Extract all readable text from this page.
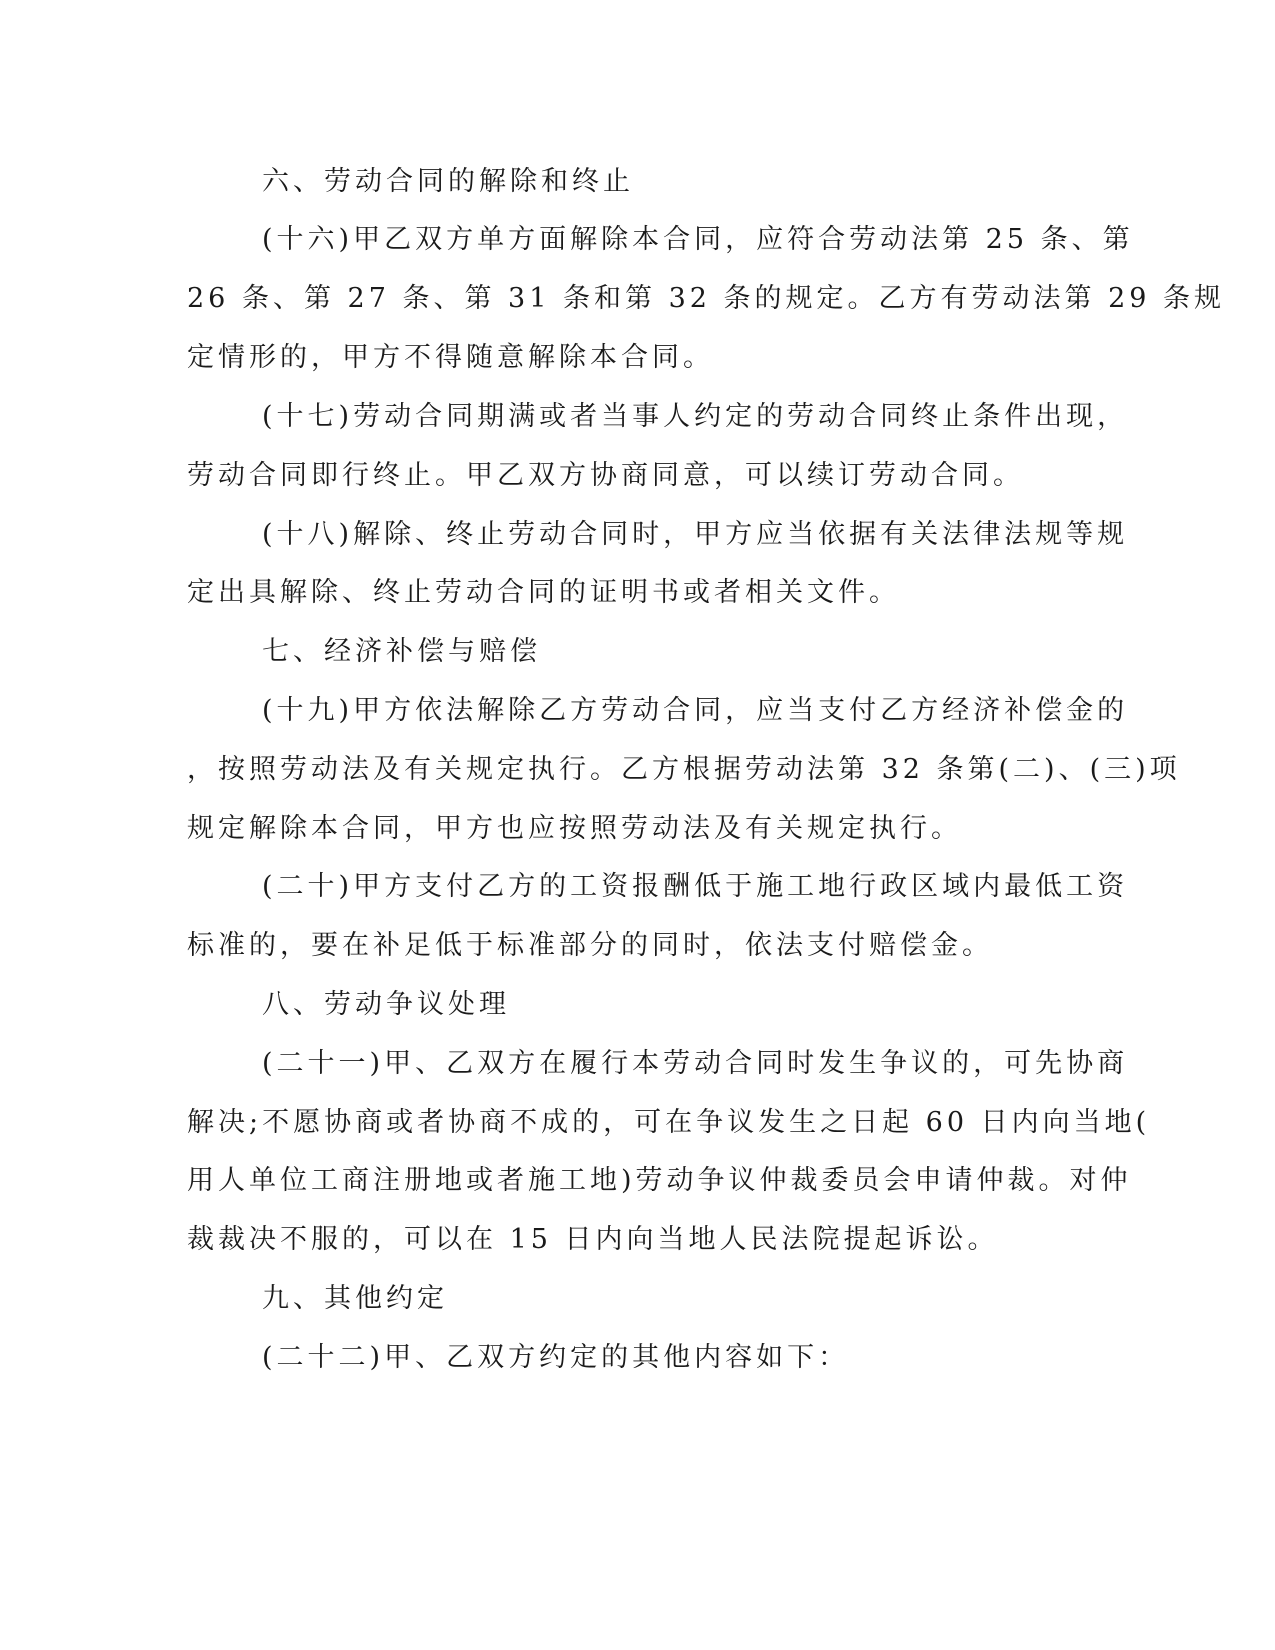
六、劳动合同的解除和终止
(十六)甲乙双方单方面解除本合同，应符合劳动法第 25 条、第
26 条、第 27 条、第 31 条和第 32 条的规定。乙方有劳动法第 29 条规
定情形的，甲方不得随意解除本合同。
(十七)劳动合同期满或者当事人约定的劳动合同终止条件出现，
劳动合同即行终止。甲乙双方协商同意，可以续订劳动合同。
(十八)解除、终止劳动合同时，甲方应当依据有关法律法规等规
定出具解除、终止劳动合同的证明书或者相关文件。
七、经济补偿与赔偿
(十九)甲方依法解除乙方劳动合同，应当支付乙方经济补偿金的
，按照劳动法及有关规定执行。乙方根据劳动法第 32 条第(二)、(三)项
规定解除本合同，甲方也应按照劳动法及有关规定执行。
(二十)甲方支付乙方的工资报酬低于施工地行政区域内最低工资
标准的，要在补足低于标准部分的同时，依法支付赔偿金。
八、劳动争议处理
(二十一)甲、乙双方在履行本劳动合同时发生争议的，可先协商
解决;不愿协商或者协商不成的，可在争议发生之日起 60 日内向当地(
用人单位工商注册地或者施工地)劳动争议仲裁委员会申请仲裁。对仲
裁裁决不服的，可以在 15 日内向当地人民法院提起诉讼。
九、其他约定
(二十二)甲、乙双方约定的其他内容如下：
